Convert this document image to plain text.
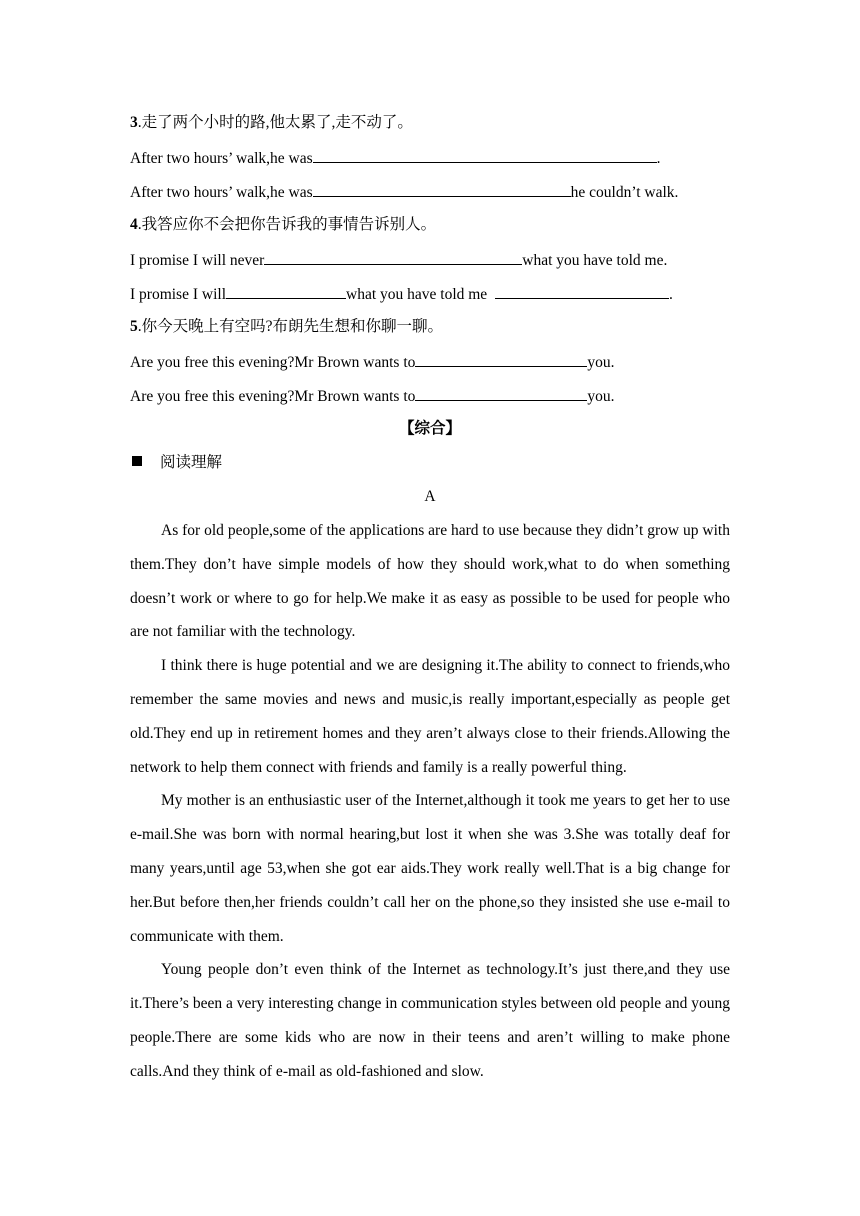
3.走了两个小时的路,他太累了,走不动了。
After two hours’ walk,he was	.
After two hours’ walk,he was	he couldn’t walk.
4.我答应你不会把你告诉我的事情告诉别人。
I promise I will never	what you have told me.
I promise I will	what you have told me	.
5.你今天晚上有空吗?布朗先生想和你聊一聊。
Are you free this evening?Mr Brown wants to	you.
Are you free this evening?Mr Brown wants to	you.
【综合】
阅读理解
A

As for old people,some of the applications are hard to use because they didn’t grow up with them.They don’t have simple models of how they should work,what to do when something doesn’t work or where to go for help.We make it as easy as possible to be used for people who are not familiar with the technology.

I think there is huge potential and we are designing it.The ability to connect to friends,who remember the same movies and news and music,is really important,especially as people get old.They end up in retirement homes and they aren’t always close to their friends.Allowing the network to help them connect with friends and family is a really powerful thing.

My mother is an enthusiastic user of the Internet,although it took me years to get her to use e-mail.She was born with normal hearing,but lost it when she was 3.She was totally deaf for many years,until age 53,when she got ear aids.They work really well.That is a big change for her.But before then,her friends couldn’t call her on the phone,so they insisted she use e-mail to communicate with them.

Young people don’t even think of the Internet as technology.It’s just there,and they use it.There’s been a very interesting change in communication styles between old people and young people.There are some kids who are now in their teens and aren’t willing to make phone calls.And they think of e-mail as old-fashioned and slow.
